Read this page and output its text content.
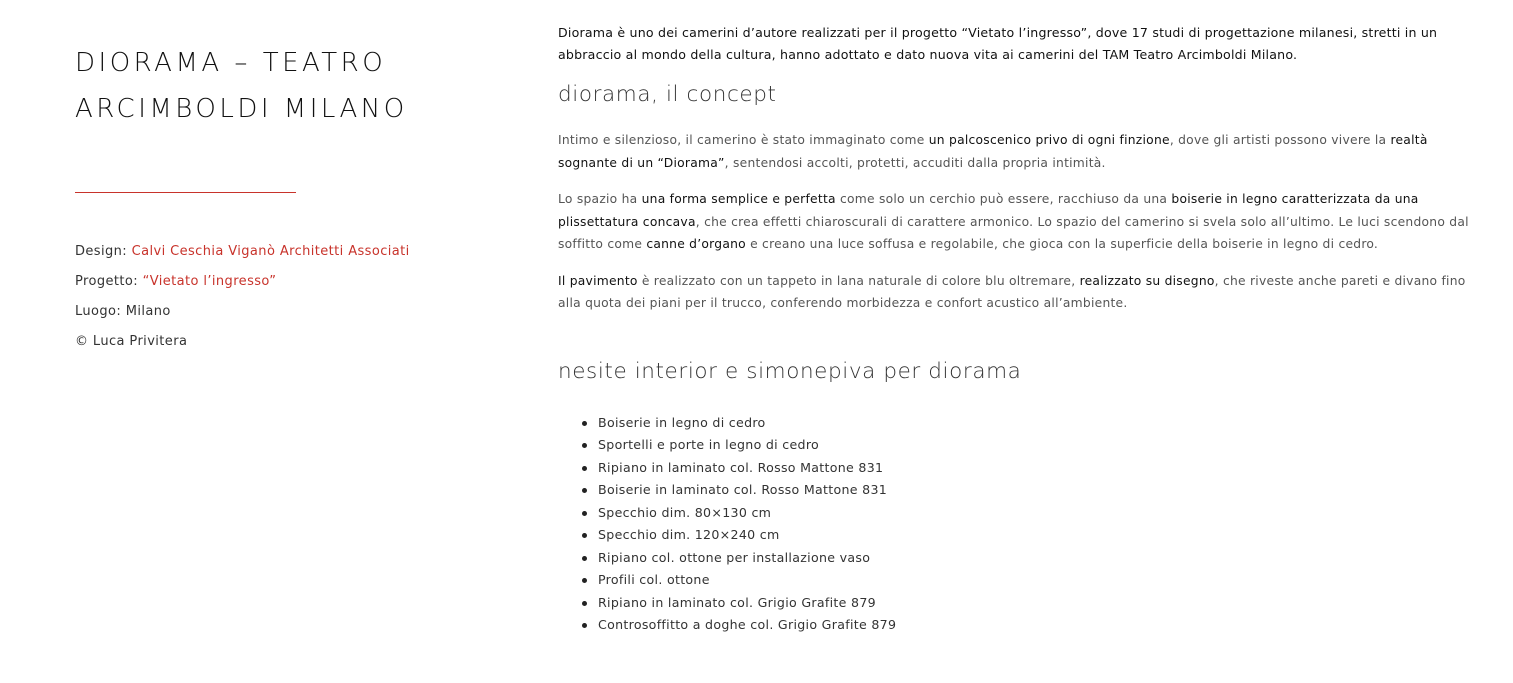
DIORAMA – TEATRO
ARCIMBOLDI MILANO
Design: Calvi Ceschia Viganò Architetti Associati
Progetto: “Vietato l’ingresso”
Luogo: Milano
© Luca Privitera

Diorama è uno dei camerini d’autore realizzati per il progetto “Vietato l’ingresso”, dove 17 studi di progettazione milanesi, stretti in un abbraccio al mondo della cultura, hanno adottato e dato nuova vita ai camerini del TAM Teatro Arcimboldi Milano.

diorama, il concept

Intimo e silenzioso, il camerino è stato immaginato come un palcoscenico privo di ogni finzione, dove gli artisti possono vivere la realtà sognante di un “Diorama”, sentendosi accolti, protetti, accuditi dalla propria intimità.

Lo spazio ha una forma semplice e perfetta come solo un cerchio può essere, racchiuso da una boiserie in legno caratterizzata da una plissettatura concava, che crea effetti chiaroscurali di carattere armonico. Lo spazio del camerino si svela solo all’ultimo. Le luci scendono dal soffitto come canne d’organo e creano una luce soffusa e regolabile, che gioca con la superficie della boiserie in legno di cedro.

Il pavimento è realizzato con un tappeto in lana naturale di colore blu oltremare, realizzato su disegno, che riveste anche pareti e divano fino alla quota dei piani per il trucco, conferendo morbidezza e confort acustico all’ambiente.

nesite interior e simonepiva per diorama
Boiserie in legno di cedro
Sportelli e porte in legno di cedro
Ripiano in laminato col. Rosso Mattone 831
Boiserie in laminato col. Rosso Mattone 831
Specchio dim. 80×130 cm
Specchio dim. 120×240 cm
Ripiano col. ottone per installazione vaso
Profili col. ottone
Ripiano in laminato col. Grigio Grafite 879
Controsoffitto a doghe col. Grigio Grafite 879
